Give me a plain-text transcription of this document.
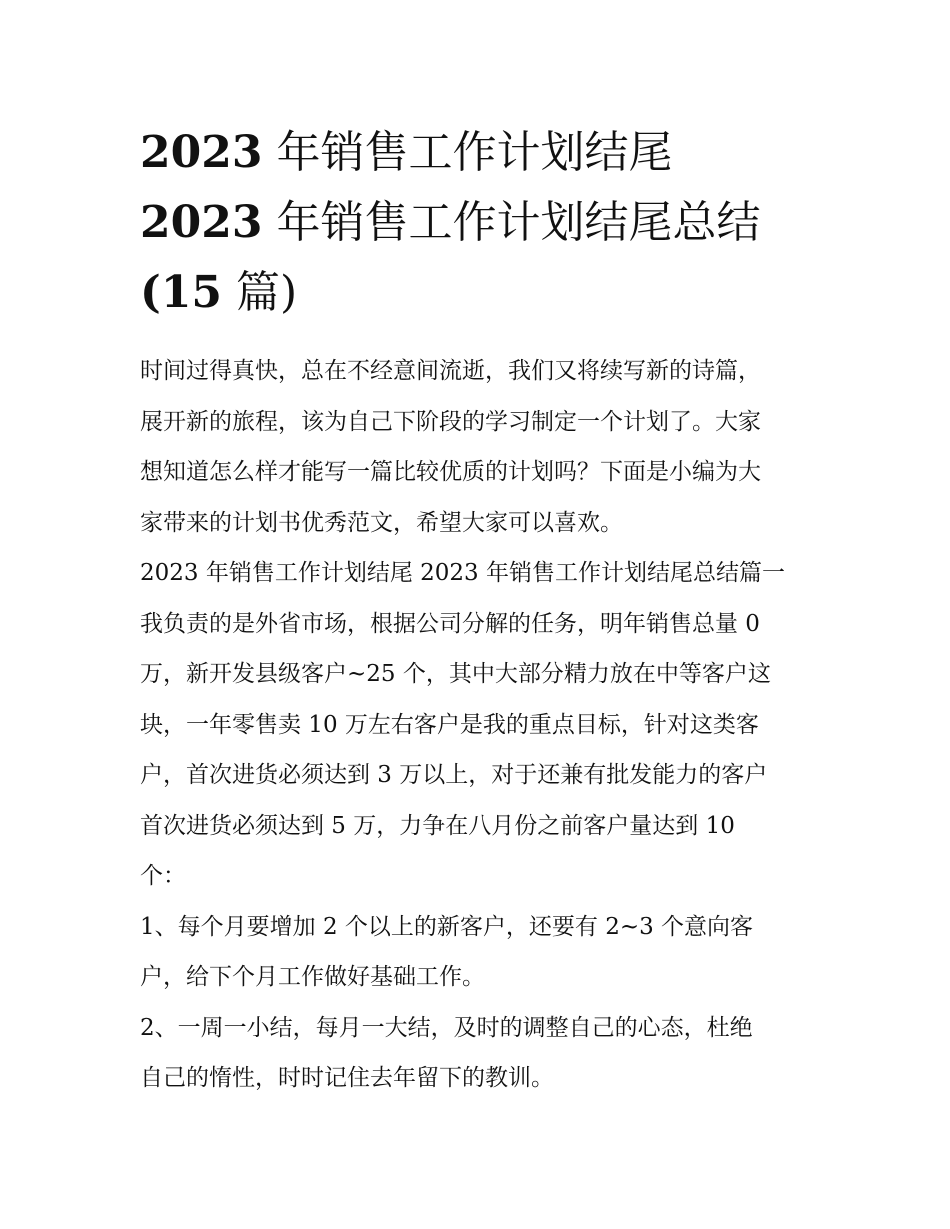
2023 年销售工作计划结尾
2023 年销售工作计划结尾总结
(15 篇)

时间过得真快，总在不经意间流逝，我们又将续写新的诗篇，
展开新的旅程，该为自己下阶段的学习制定一个计划了。大家
想知道怎么样才能写一篇比较优质的计划吗？下面是小编为大
家带来的计划书优秀范文，希望大家可以喜欢。

2023 年销售工作计划结尾 2023 年销售工作计划结尾总结篇一

我负责的是外省市场，根据公司分解的任务，明年销售总量 0
万，新开发县级客户~25 个，其中大部分精力放在中等客户这
块，一年零售卖 10 万左右客户是我的重点目标，针对这类客
户，首次进货必须达到 3 万以上，对于还兼有批发能力的客户
首次进货必须达到 5 万，力争在八月份之前客户量达到 10
个：

1、每个月要增加 2 个以上的新客户，还要有 2~3 个意向客
户，给下个月工作做好基础工作。

2、一周一小结，每月一大结，及时的调整自己的心态，杜绝
自己的惰性，时时记住去年留下的教训。
